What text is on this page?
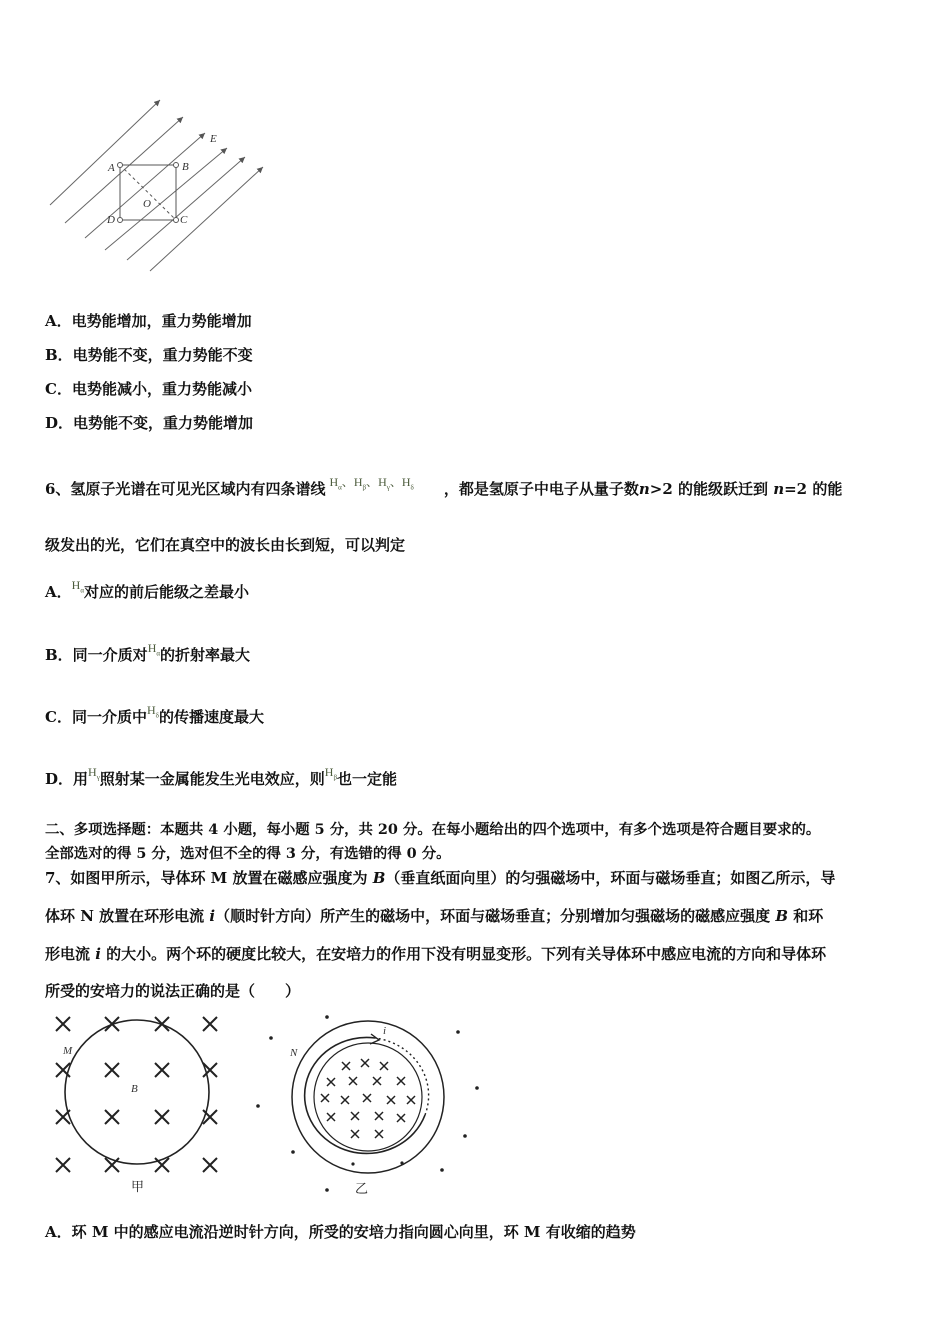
A	B
C
D
O
E
A．电势能增加，重力势能增加
B．电势能不变，重力势能不变
C．电势能减小，重力势能减小
D．电势能不变，重力势能增加
6、氢原子光谱在可见光区域内有四条谱线 $^{H_\alpha、H_\beta、H_\gamma、H_\delta}$ ，都是氢原子中电子从量子数n>2 的能级跃迁到 n=2 的能
级发出的光，它们在真空中的波长由长到短，可以判定
A．$^{H_\alpha}$对应的前后能级之差最小
B．同一介质对$^{H_\alpha}$的折射率最大
C．同一介质中$^{H_\delta}$的传播速度最大
D．用$^{H_\gamma}$照射某一金属能发生光电效应，则$^{H_\beta}$也一定能
二、多项选择题：本题共 4 小题，每小题 5 分，共 20 分。在每小题给出的四个选项中，有多个选项是符合题目要求的。
全部选对的得 5 分，选对但不全的得 3 分，有选错的得 0 分。
7、如图甲所示，导体环 M 放置在磁感应强度为 B（垂直纸面向里）的匀强磁场中，环面与磁场垂直；如图乙所示，导
体环 N 放置在环形电流 i（顺时针方向）所产生的磁场中，环面与磁场垂直；分别增加匀强磁场的磁感应强度 B 和环
形电流 i 的大小。两个环的硬度比较大，在安培力的作用下没有明显变形。下列有关导体环中感应电流的方向和导体环
所受的安培力的说法正确的是（　　）
M
B
甲
N
i
乙
A．环 M 中的感应电流沿逆时针方向，所受的安培力指向圆心向里，环 M 有收缩的趋势
